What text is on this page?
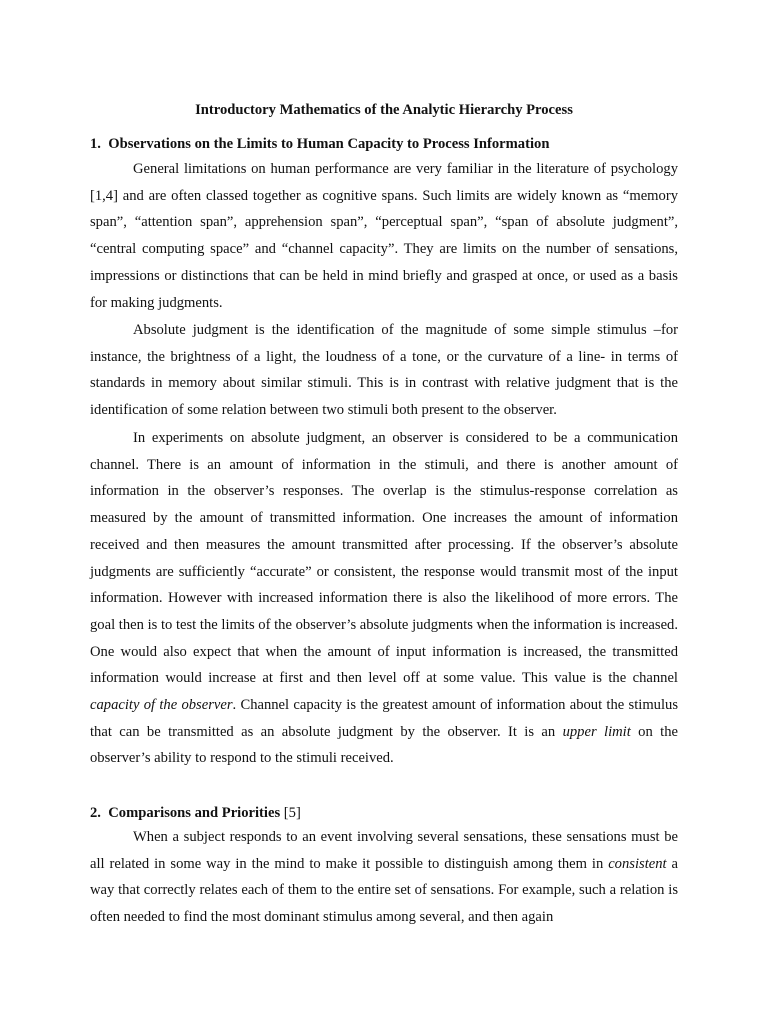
Introductory Mathematics of the Analytic Hierarchy Process
1. Observations on the Limits to Human Capacity to Process Information

General limitations on human performance are very familiar in the literature of psychology [1,4] and are often classed together as cognitive spans. Such limits are widely known as “memory span”, “attention span”, apprehension span”, “perceptual span”, “span of absolute judgment”, “central computing space” and “channel capacity”. They are limits on the number of sensations, impressions or distinctions that can be held in mind briefly and grasped at once, or used as a basis for making judgments.

Absolute judgment is the identification of the magnitude of some simple stimulus –for instance, the brightness of a light, the loudness of a tone, or the curvature of a line- in terms of standards in memory about similar stimuli. This is in contrast with relative judgment that is the identification of some relation between two stimuli both present to the observer.

In experiments on absolute judgment, an observer is considered to be a communication channel. There is an amount of information in the stimuli, and there is another amount of information in the observer’s responses. The overlap is the stimulus-response correlation as measured by the amount of transmitted information. One increases the amount of information received and then measures the amount transmitted after processing. If the observer’s absolute judgments are sufficiently “accurate” or consistent, the response would transmit most of the input information. However with increased information there is also the likelihood of more errors. The goal then is to test the limits of the observer’s absolute judgments when the information is increased. One would also expect that when the amount of input information is increased, the transmitted information would increase at first and then level off at some value. This value is the channel capacity of the observer. Channel capacity is the greatest amount of information about the stimulus that can be transmitted as an absolute judgment by the observer. It is an upper limit on the observer’s ability to respond to the stimuli received.

2. Comparisons and Priorities [5]

When a subject responds to an event involving several sensations, these sensations must be all related in some way in the mind to make it possible to distinguish among them in consistent a way that correctly relates each of them to the entire set of sensations. For example, such a relation is often needed to find the most dominant stimulus among several, and then again
